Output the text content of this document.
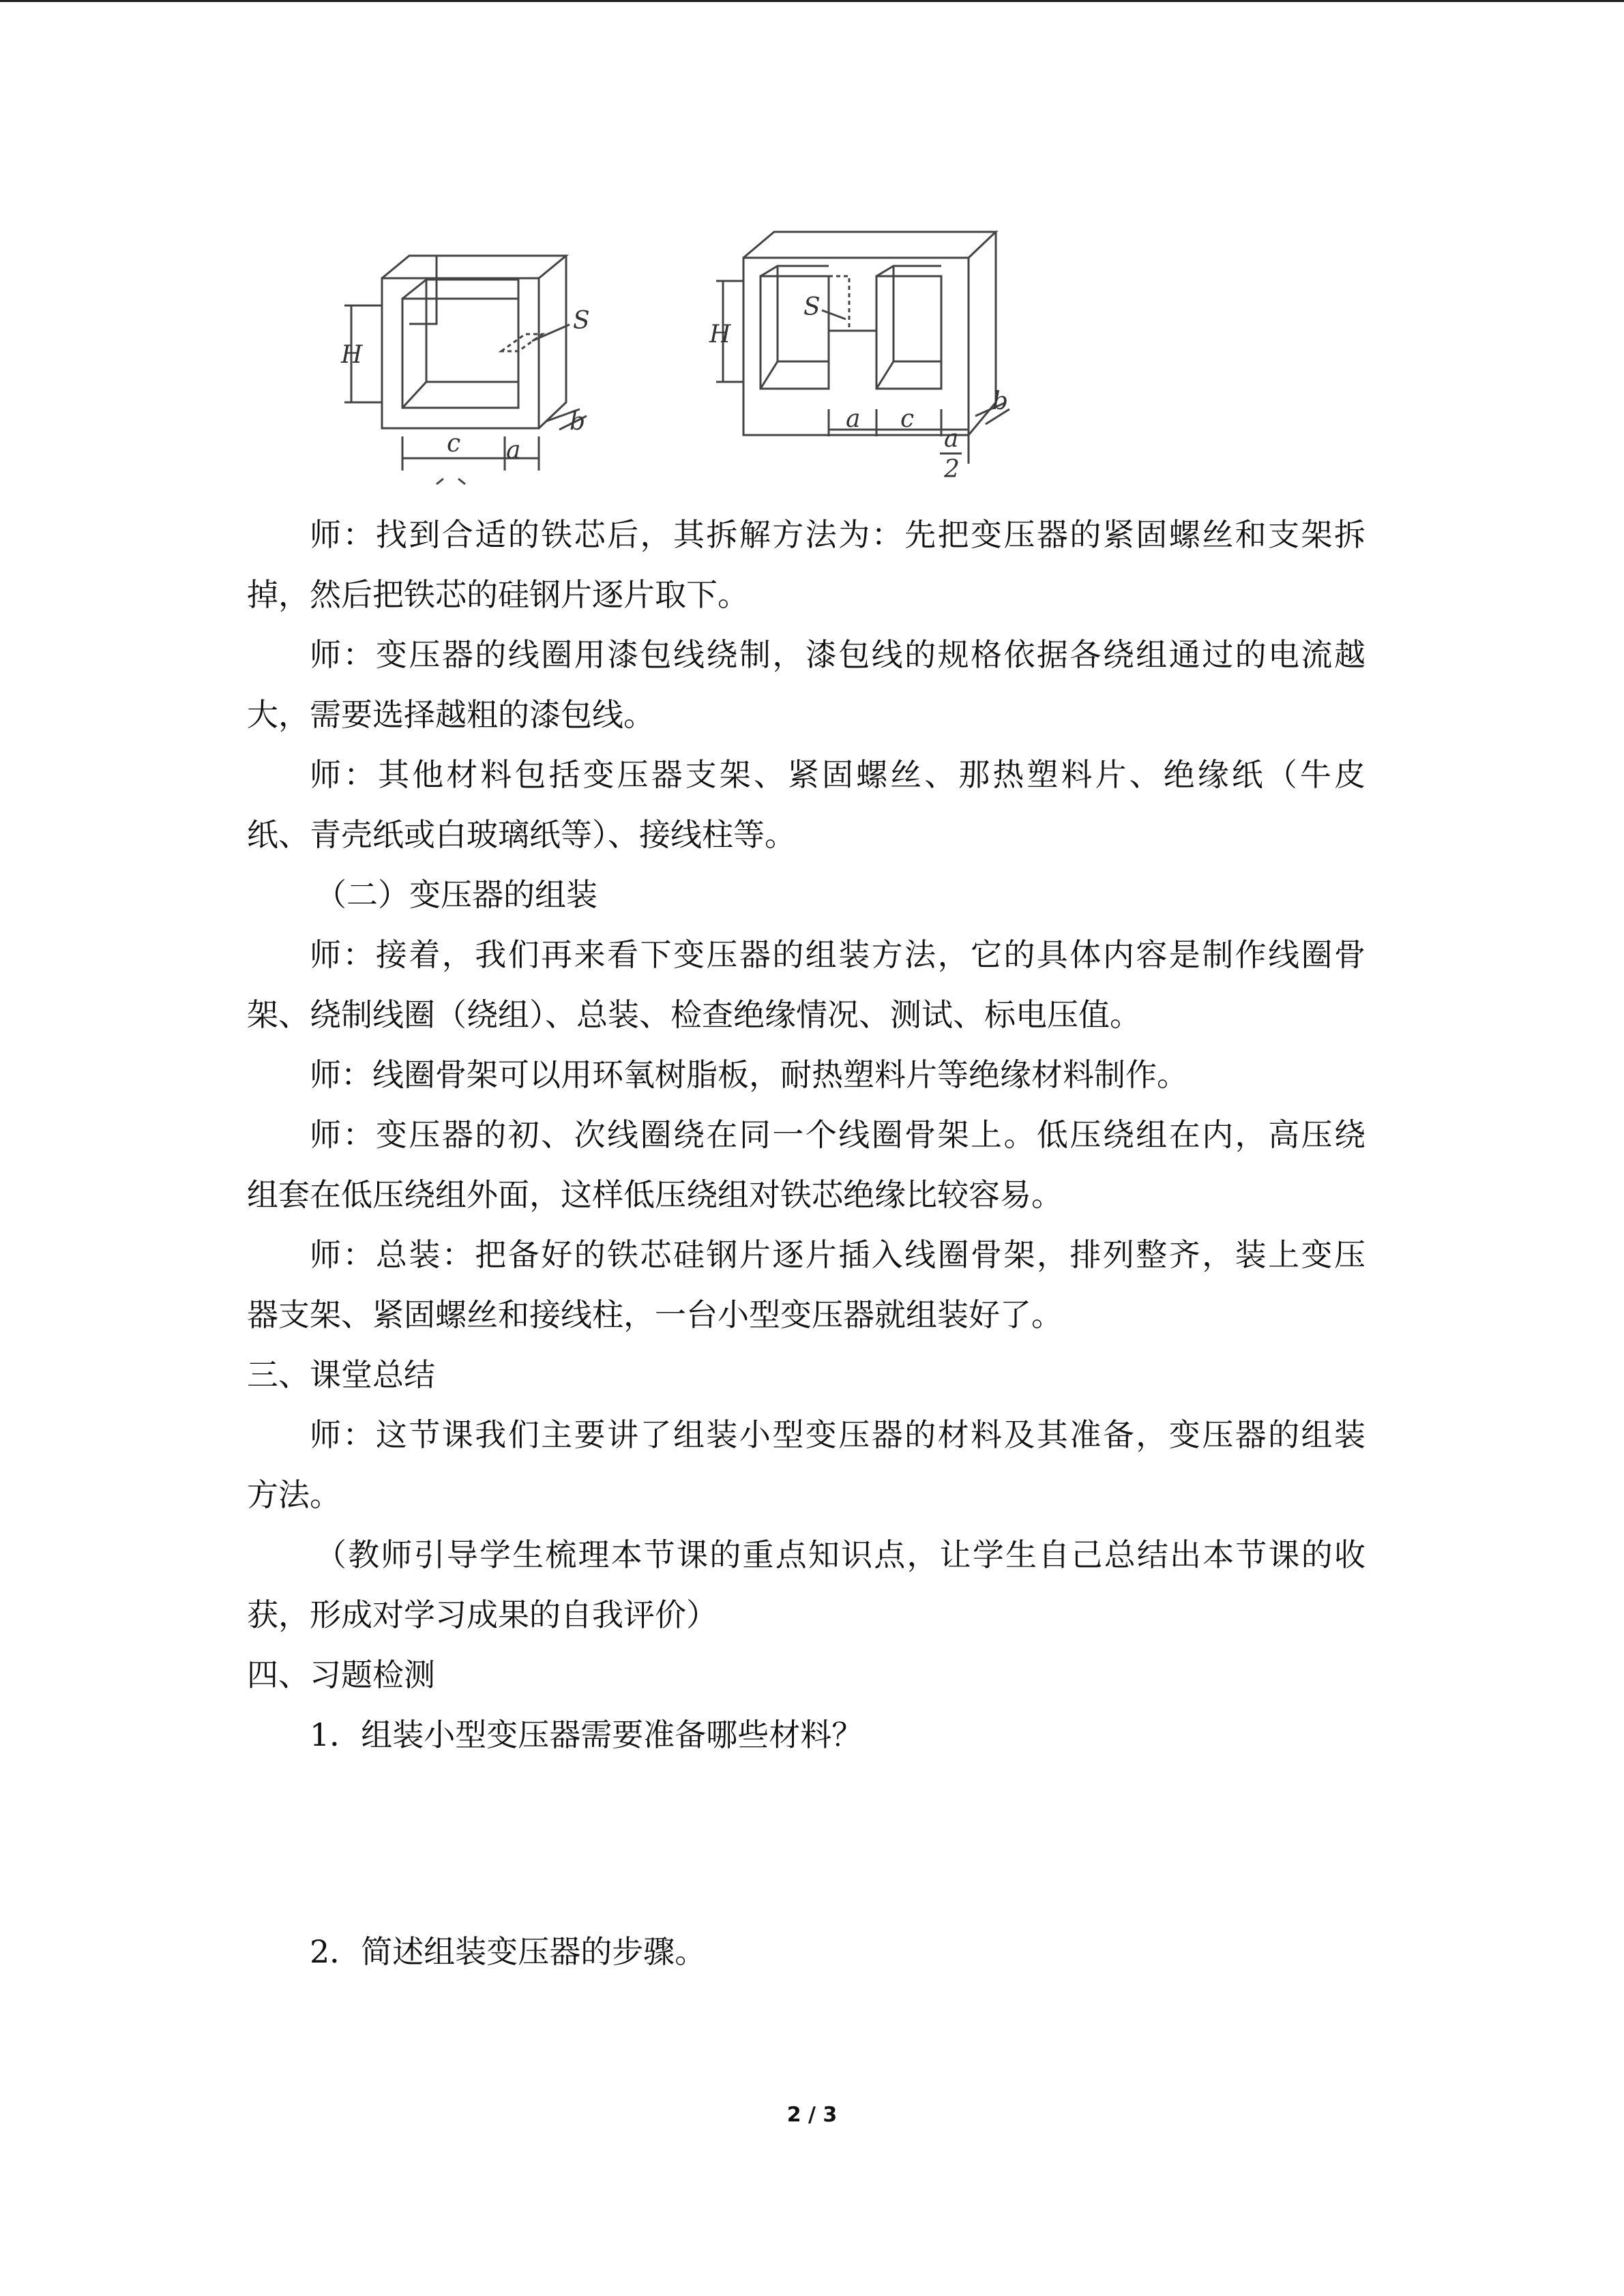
H
S
c a
b
H
S
a c
b
a
2
师：找到合适的铁芯后，其拆解方法为：先把变压器的紧固螺丝和支架拆
掉，然后把铁芯的硅钢片逐片取下。
师：变压器的线圈用漆包线绕制，漆包线的规格依据各绕组通过的电流越
大，需要选择越粗的漆包线。
师：其他材料包括变压器支架、紧固螺丝、那热塑料片、绝缘纸（牛皮
纸、青壳纸或白玻璃纸等）、接线柱等。
（二）变压器的组装
师：接着，我们再来看下变压器的组装方法，它的具体内容是制作线圈骨
架、绕制线圈（绕组）、总装、检查绝缘情况、测试、标电压值。
师：线圈骨架可以用环氧树脂板，耐热塑料片等绝缘材料制作。
师：变压器的初、次线圈绕在同一个线圈骨架上。低压绕组在内，高压绕
组套在低压绕组外面，这样低压绕组对铁芯绝缘比较容易。
师：总装：把备好的铁芯硅钢片逐片插入线圈骨架，排列整齐，装上变压
器支架、紧固螺丝和接线柱，一台小型变压器就组装好了。
三、课堂总结
师：这节课我们主要讲了组装小型变压器的材料及其准备，变压器的组装
方法。
（教师引导学生梳理本节课的重点知识点，让学生自己总结出本节课的收
获，形成对学习成果的自我评价）
四、习题检测
1．组装小型变压器需要准备哪些材料？
2．简述组装变压器的步骤。
2 / 3
